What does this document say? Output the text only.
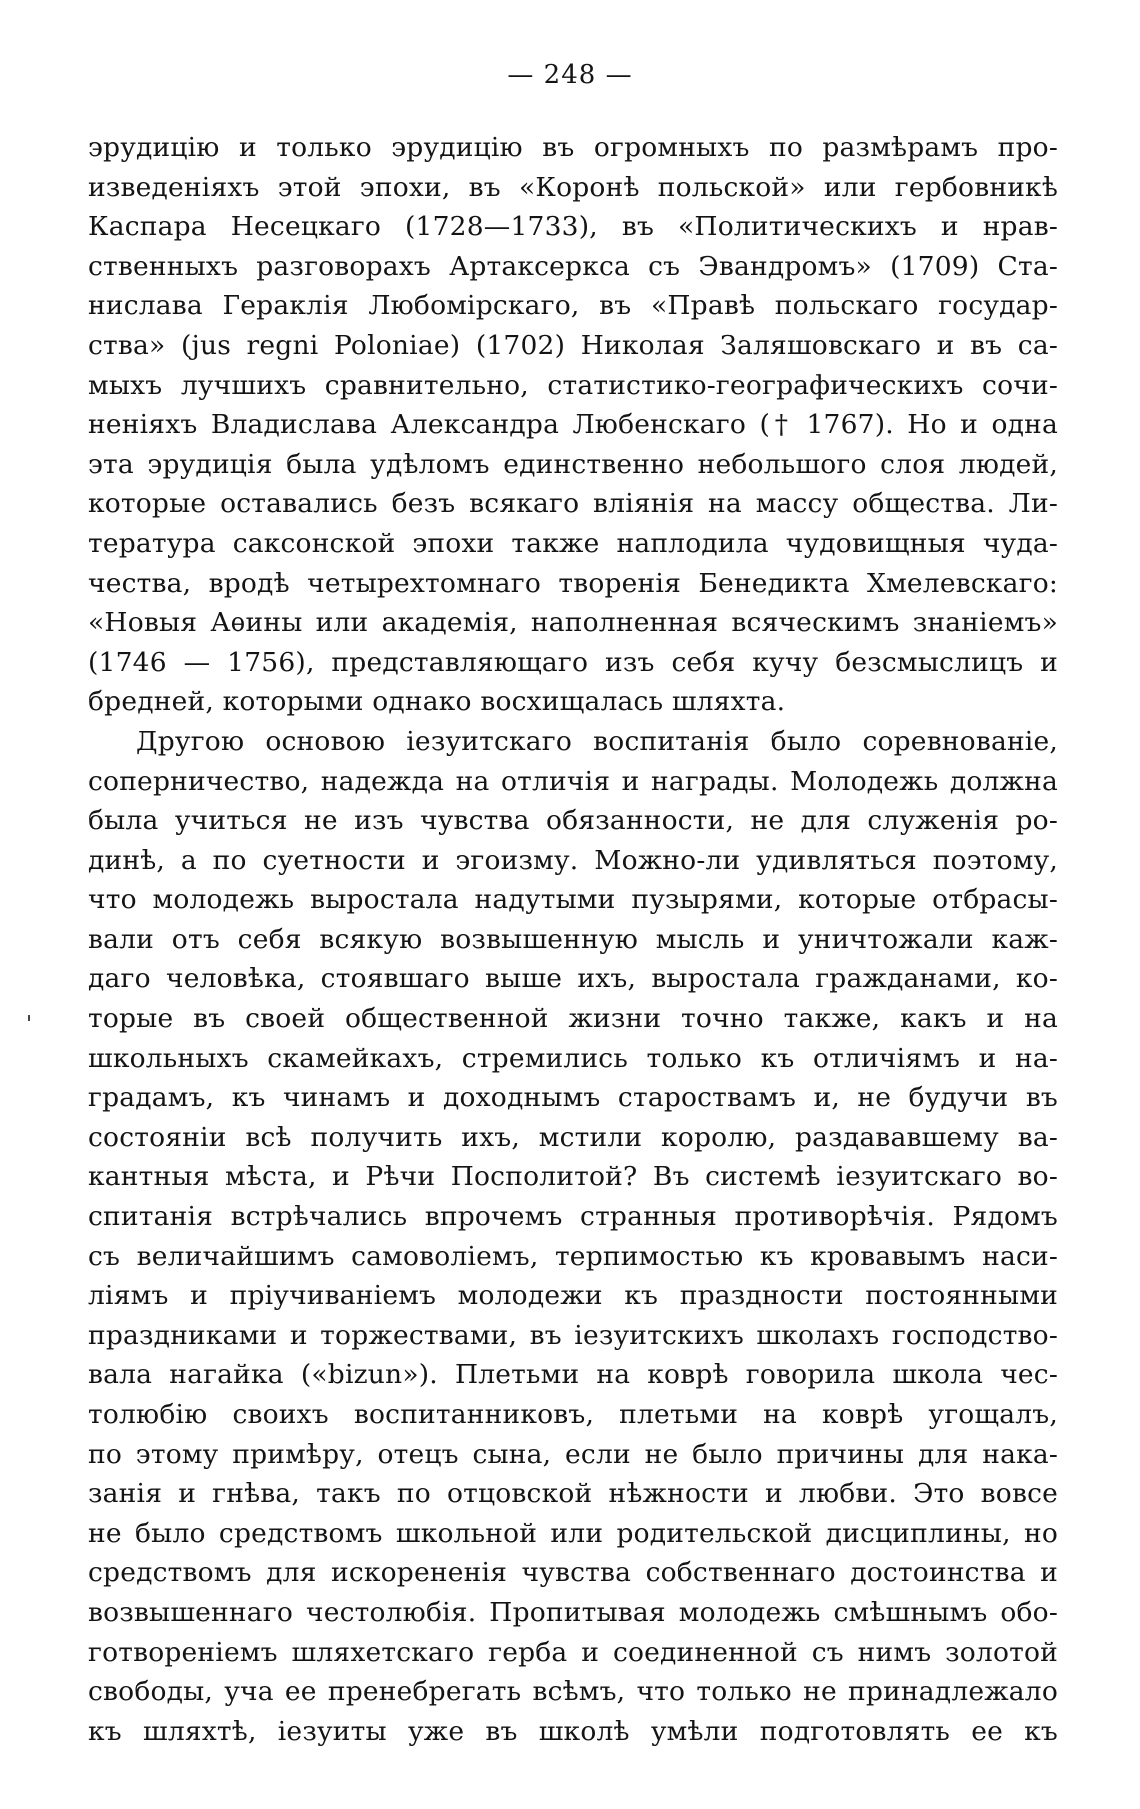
— 248 —
эрудицію и только эрудицію въ огромныхъ по размѣрамъ про-
изведеніяхъ этой эпохи, въ «Коронѣ польской» или гербовникѣ
Каспара Несецкаго (1728—1733), въ «Политическихъ и нрав-
ственныхъ разговорахъ Артаксеркса съ Эвандромъ» (1709) Ста-
нислава Гераклія Любомірскаго, въ «Правѣ польскаго государ-
ства» (jus regni Poloniae) (1702) Николая Заляшовскаго и въ са-
мыхъ лучшихъ сравнительно, статистико-географическихъ сочи-
неніяхъ Владислава Александра Любенскаго († 1767). Но и одна
эта эрудиція была удѣломъ единственно небольшого слоя людей,
которые оставались безъ всякаго вліянія на массу общества. Ли-
тература саксонской эпохи также наплодила чудовищныя чуда-
чества, вродѣ четырехтомнаго творенія Бенедикта Хмелевскаго:
«Новыя Аѳины или академія, наполненная всяческимъ знаніемъ»
(1746 — 1756), представляющаго изъ себя кучу безсмыслицъ и
бредней, которыми однако восхищалась шляхта.
Другою основою іезуитскаго воспитанія было соревнованіе,
соперничество, надежда на отличія и награды. Молодежь должна
была учиться не изъ чувства обязанности, не для служенія ро-
динѣ, а по суетности и эгоизму. Можно-ли удивляться поэтому,
что молодежь выростала надутыми пузырями, которые отбрасы-
вали отъ себя всякую возвышенную мысль и уничтожали каж-
даго человѣка, стоявшаго выше ихъ, выростала гражданами, ко-
торые въ своей общественной жизни точно также, какъ и на
школьныхъ скамейкахъ, стремились только къ отличіямъ и на-
градамъ, къ чинамъ и доходнымъ староствамъ и, не будучи въ
состояніи всѣ получить ихъ, мстили королю, раздававшему ва-
кантныя мѣста, и Рѣчи Посполитой? Въ системѣ іезуитскаго во-
спитанія встрѣчались впрочемъ странныя противорѣчія. Рядомъ
съ величайшимъ самоволіемъ, терпимостью къ кровавымъ наси-
ліямъ и пріучиваніемъ молодежи къ праздности постоянными
праздниками и торжествами, въ іезуитскихъ школахъ господство-
вала нагайка («bizun»). Плетьми на коврѣ говорила школа чес-
толюбію своихъ воспитанниковъ, плетьми на коврѣ угощалъ,
по этому примѣру, отецъ сына, если не было причины для нака-
занія и гнѣва, такъ по отцовской нѣжности и любви. Это вовсе
не было средствомъ школьной или родительской дисциплины, но
средствомъ для искорененія чувства собственнаго достоинства и
возвышеннаго честолюбія. Пропитывая молодежь смѣшнымъ обо-
готвореніемъ шляхетскаго герба и соединенной съ нимъ золотой
свободы, уча ее пренебрегать всѣмъ, что только не принадлежало
къ шляхтѣ, іезуиты уже въ школѣ умѣли подготовлять ее къ
